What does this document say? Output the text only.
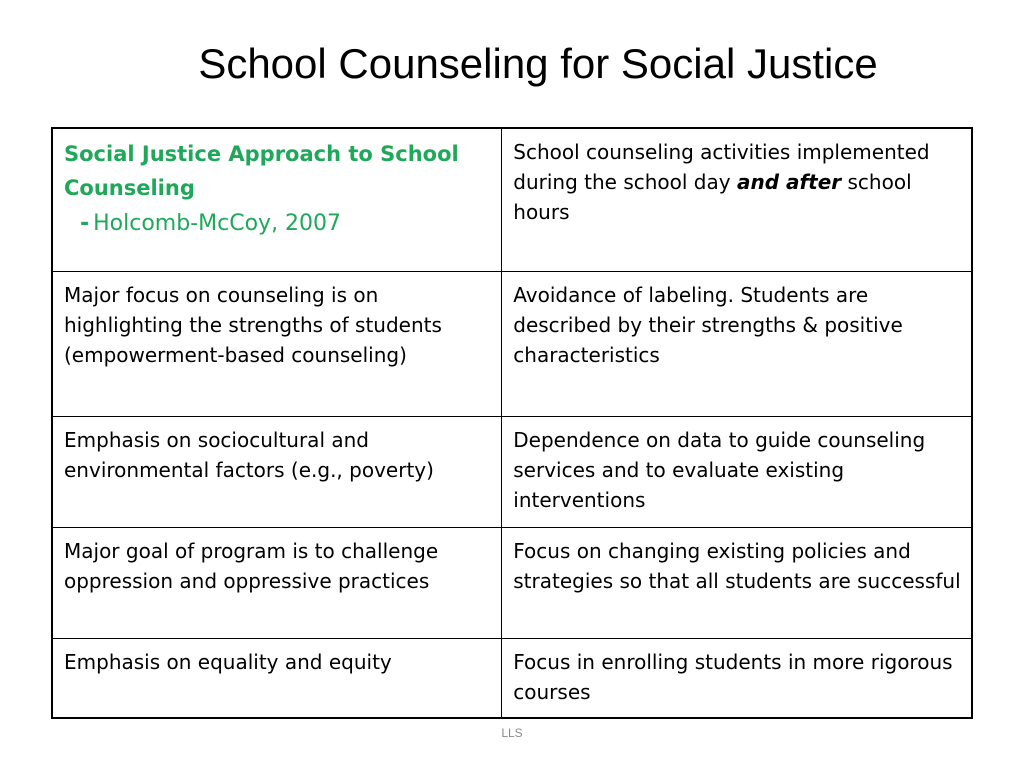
School Counseling for Social Justice
Social Justice Approach to School Counseling
- Holcomb-McCoy, 2007	School counseling activities implemented during the school day and after school hours
Major focus on counseling is on highlighting the strengths of students (empowerment-based counseling)	Avoidance of labeling. Students are described by their strengths & positive characteristics
Emphasis on sociocultural and environmental factors (e.g., poverty)	Dependence on data to guide counseling services and to evaluate existing interventions
Major goal of program is to challenge oppression and oppressive practices	Focus on changing existing policies and strategies so that all students are successful
Emphasis on equality and equity	Focus in enrolling students in more rigorous courses
LLS
